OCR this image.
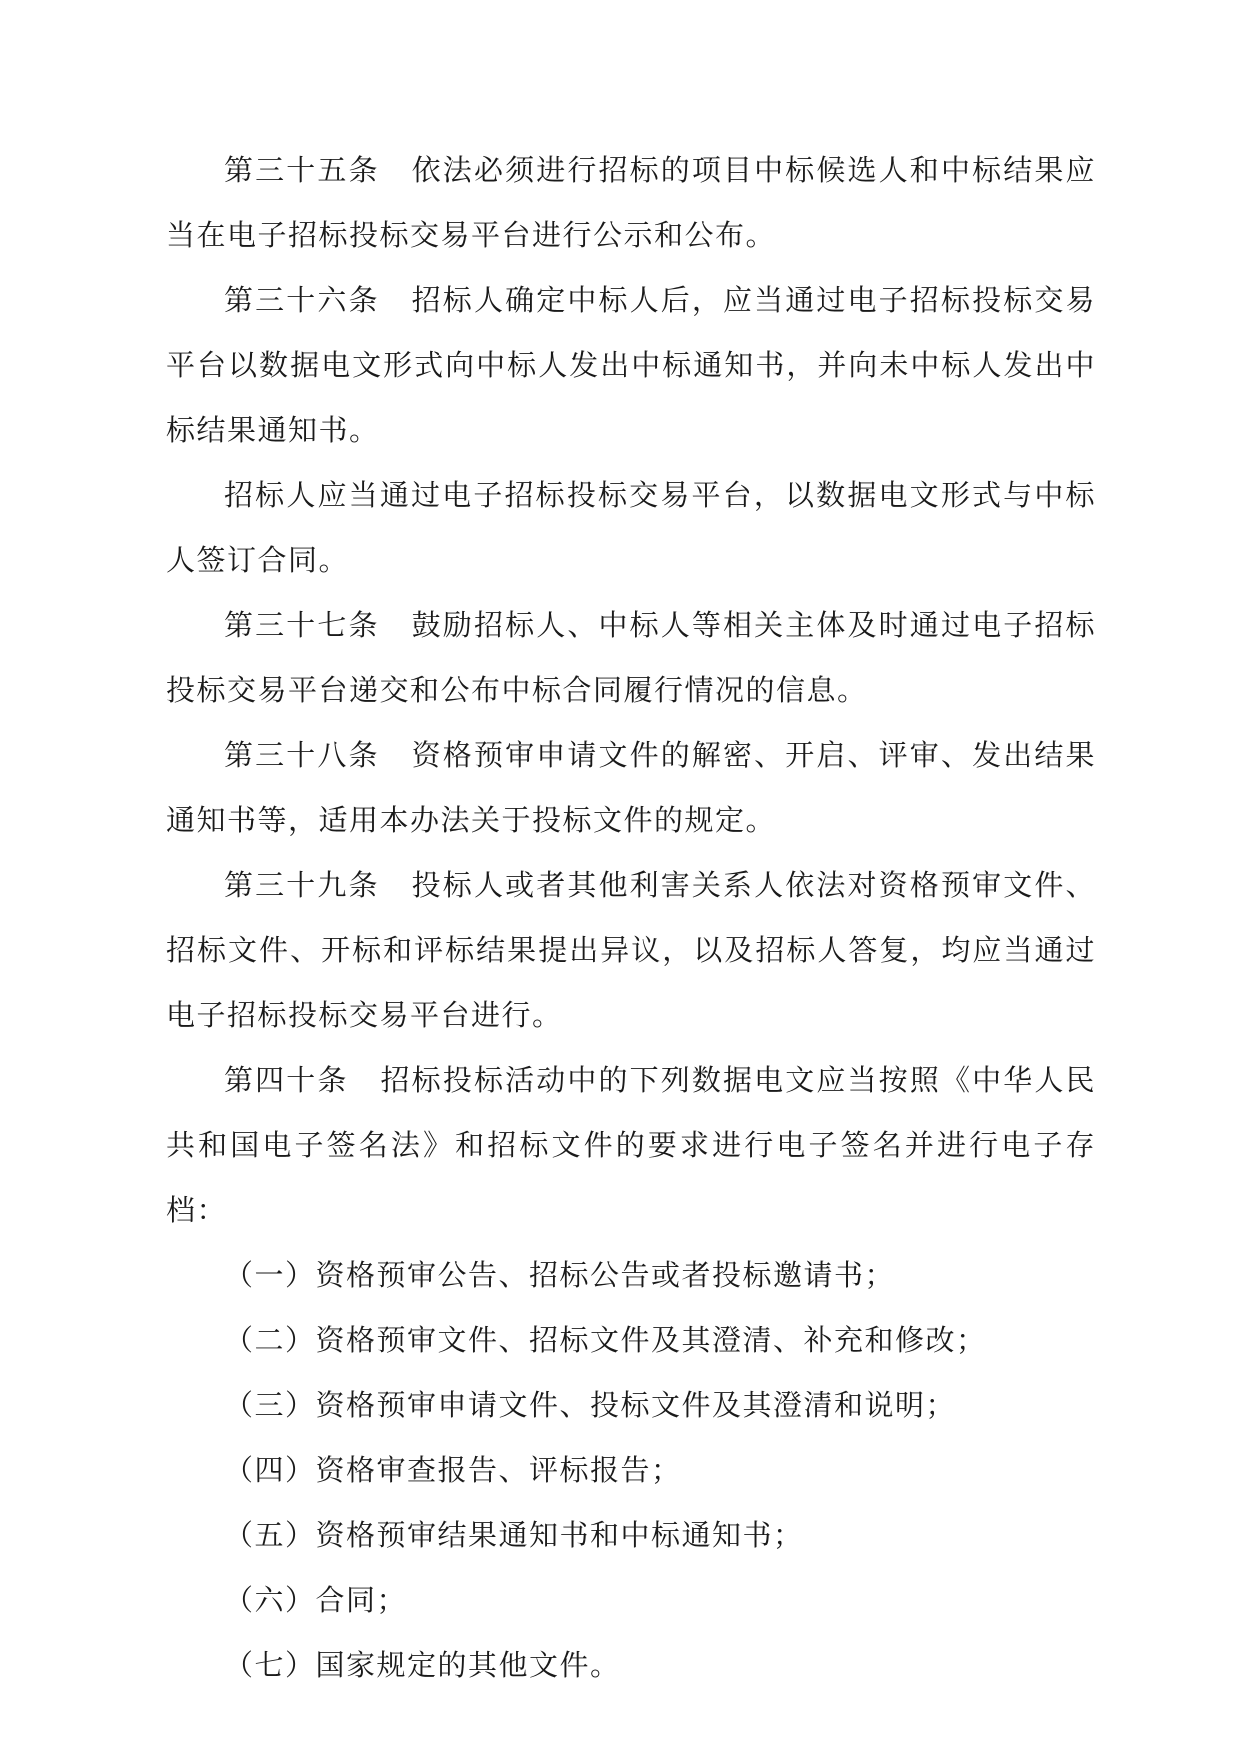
第三十五条 依法必须进行招标的项目中标候选人和中标结果应当在电子招标投标交易平台进行公示和公布。

第三十六条 招标人确定中标人后，应当通过电子招标投标交易平台以数据电文形式向中标人发出中标通知书，并向未中标人发出中标结果通知书。

招标人应当通过电子招标投标交易平台，以数据电文形式与中标人签订合同。

第三十七条 鼓励招标人、中标人等相关主体及时通过电子招标投标交易平台递交和公布中标合同履行情况的信息。

第三十八条 资格预审申请文件的解密、开启、评审、发出结果通知书等，适用本办法关于投标文件的规定。

第三十九条 投标人或者其他利害关系人依法对资格预审文件、招标文件、开标和评标结果提出异议，以及招标人答复，均应当通过电子招标投标交易平台进行。

第四十条 招标投标活动中的下列数据电文应当按照《中华人民共和国电子签名法》和招标文件的要求进行电子签名并进行电子存档：

（一）资格预审公告、招标公告或者投标邀请书；

（二）资格预审文件、招标文件及其澄清、补充和修改；

（三）资格预审申请文件、投标文件及其澄清和说明；

（四）资格审查报告、评标报告；

（五）资格预审结果通知书和中标通知书；

（六）合同；

（七）国家规定的其他文件。
